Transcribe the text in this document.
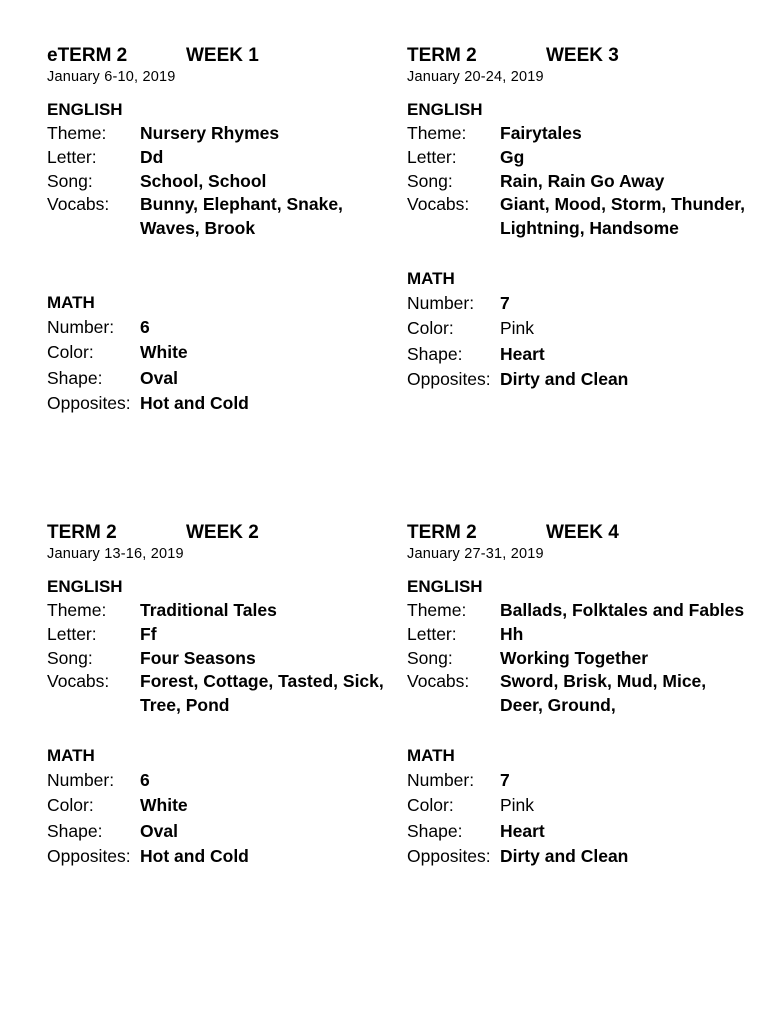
eTERM 2	WEEK 1
January 6-10, 2019
ENGLISH
Theme:	Nursery Rhymes
Letter:	Dd
Song:	School, School
Vocabs:	Bunny, Elephant, Snake, Waves, Brook
MATH
Number:	6
Color:	White
Shape:	Oval
Opposites: Hot and Cold
TERM 2	WEEK 3
January 20-24, 2019
ENGLISH
Theme:	Fairytales
Letter:	Gg
Song:	Rain, Rain Go Away
Vocabs:	Giant, Mood, Storm, Thunder, Lightning, Handsome
MATH
Number:	7
Color:	Pink
Shape:	Heart
Opposites: Dirty and Clean
TERM 2	WEEK 2
January 13-16, 2019
ENGLISH
Theme:	Traditional Tales
Letter:	Ff
Song:	Four Seasons
Vocabs:	Forest, Cottage, Tasted, Sick, Tree, Pond
MATH
Number:	6
Color:	White
Shape:	Oval
Opposites: Hot and Cold
TERM 2	WEEK 4
January 27-31, 2019
ENGLISH
Theme:	Ballads, Folktales and Fables
Letter:	Hh
Song:	Working Together
Vocabs:	Sword, Brisk, Mud, Mice, Deer, Ground,
MATH
Number:	7
Color:	Pink
Shape:	Heart
Opposites: Dirty and Clean
